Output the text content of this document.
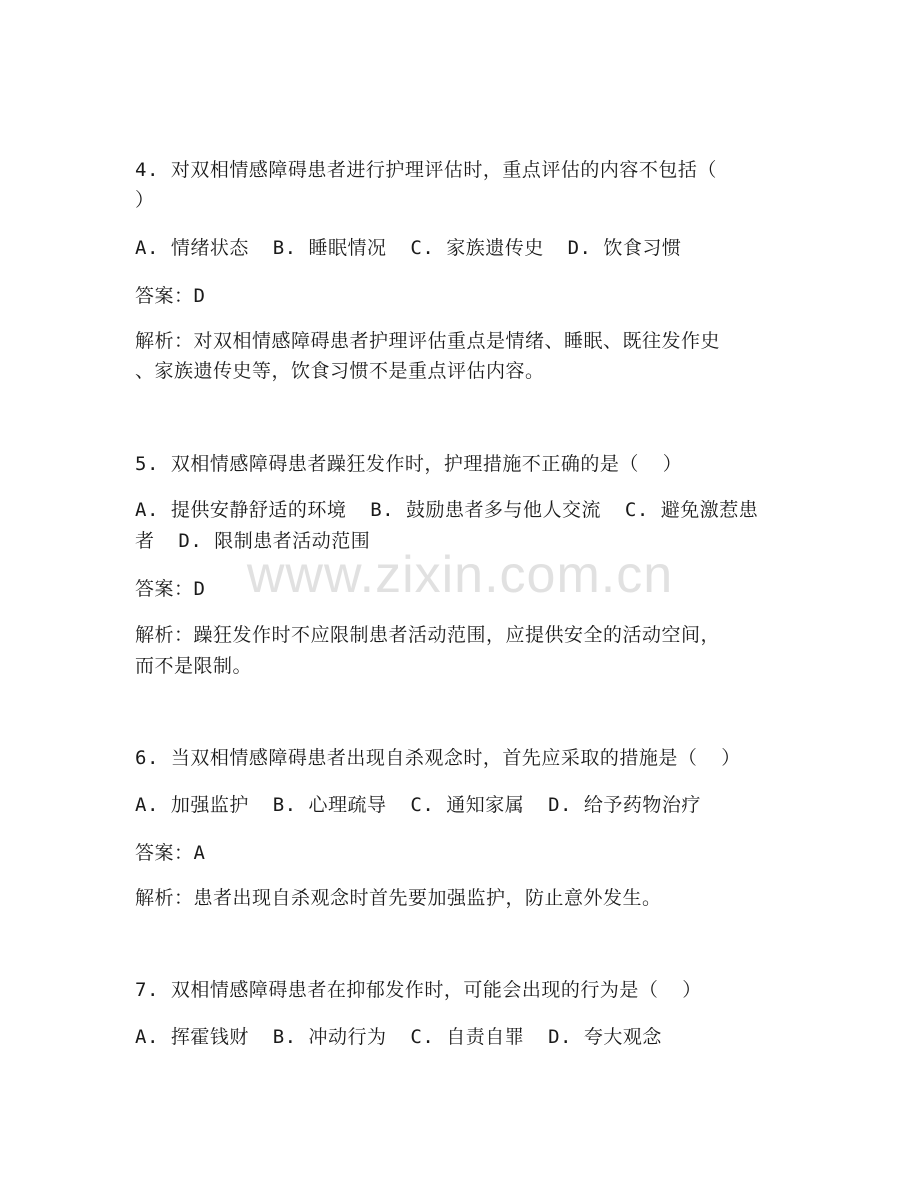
4. 对双相情感障碍患者进行护理评估时，重点评估的内容不包括（
）
A. 情绪状态  B. 睡眠情况  C. 家族遗传史  D. 饮食习惯
答案：D
解析：对双相情感障碍患者护理评估重点是情绪、睡眠、既往发作史
、家族遗传史等，饮食习惯不是重点评估内容。
5. 双相情感障碍患者躁狂发作时，护理措施不正确的是（  ）
A. 提供安静舒适的环境  B. 鼓励患者多与他人交流  C. 避免激惹患
者  D. 限制患者活动范围
答案：D
解析：躁狂发作时不应限制患者活动范围，应提供安全的活动空间，
而不是限制。
6. 当双相情感障碍患者出现自杀观念时，首先应采取的措施是（  ）
A. 加强监护  B. 心理疏导  C. 通知家属  D. 给予药物治疗
答案：A
解析：患者出现自杀观念时首先要加强监护，防止意外发生。
7. 双相情感障碍患者在抑郁发作时，可能会出现的行为是（  ）
A. 挥霍钱财  B. 冲动行为  C. 自责自罪  D. 夸大观念
www.zixin.com.cn
